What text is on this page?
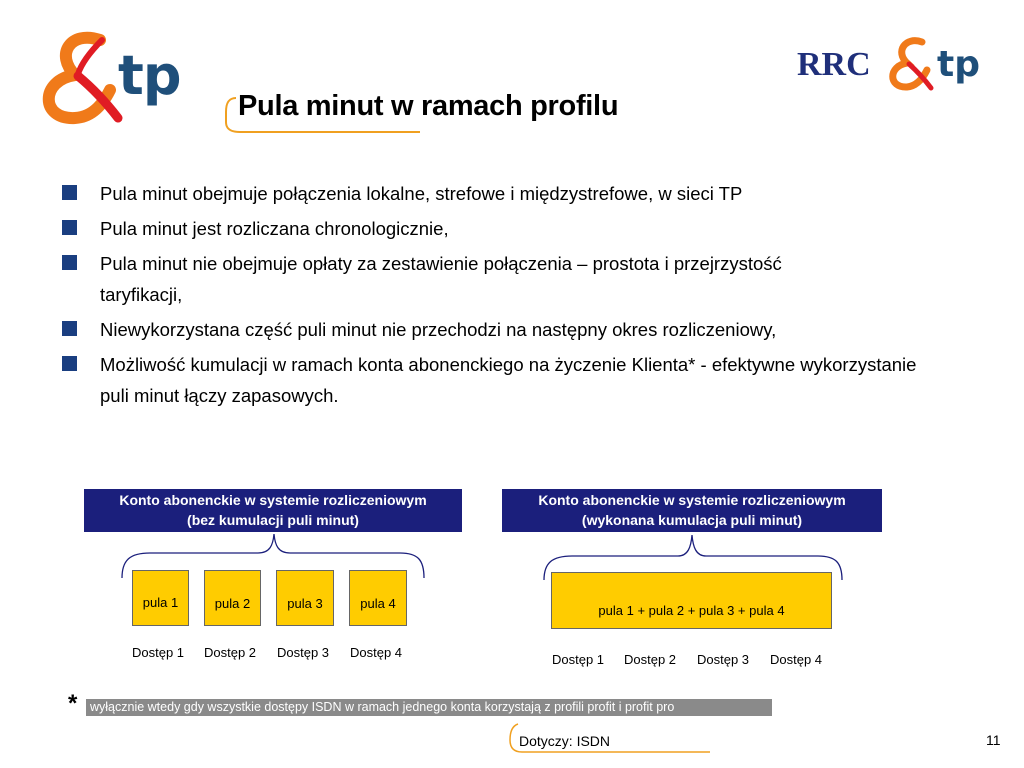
tp	RRC tp
Pula minut w ramach profilu
Pula minut obejmuje połączenia lokalne, strefowe i międzystrefowe, w sieci TP
Pula minut jest rozliczana chronologicznie,
Pula minut nie obejmuje opłaty za zestawienie połączenia – prostota i przejrzystość taryfikacji,
Niewykorzystana część puli minut nie przechodzi na następny okres rozliczeniowy,
Możliwość kumulacji w ramach konta abonenckiego na życzenie Klienta* - efektywne wykorzystanie puli minut łączy zapasowych.
Konto abonenckie w systemie rozliczeniowym
(bez kumulacji puli minut)
pula 1	pula 2	pula 3	pula 4
Dostęp 1 Dostęp 2 Dostęp 3 Dostęp 4
Konto abonenckie w systemie rozliczeniowym
(wykonana kumulacja puli minut)
pula 1 + pula 2 + pula 3 + pula 4
Dostęp 1 Dostęp 2 Dostęp 3 Dostęp 4
*	wyłącznie wtedy gdy wszystkie dostępy ISDN w ramach jednego konta korzystają z profili profit i profit pro
Dotyczy: ISDN	11
